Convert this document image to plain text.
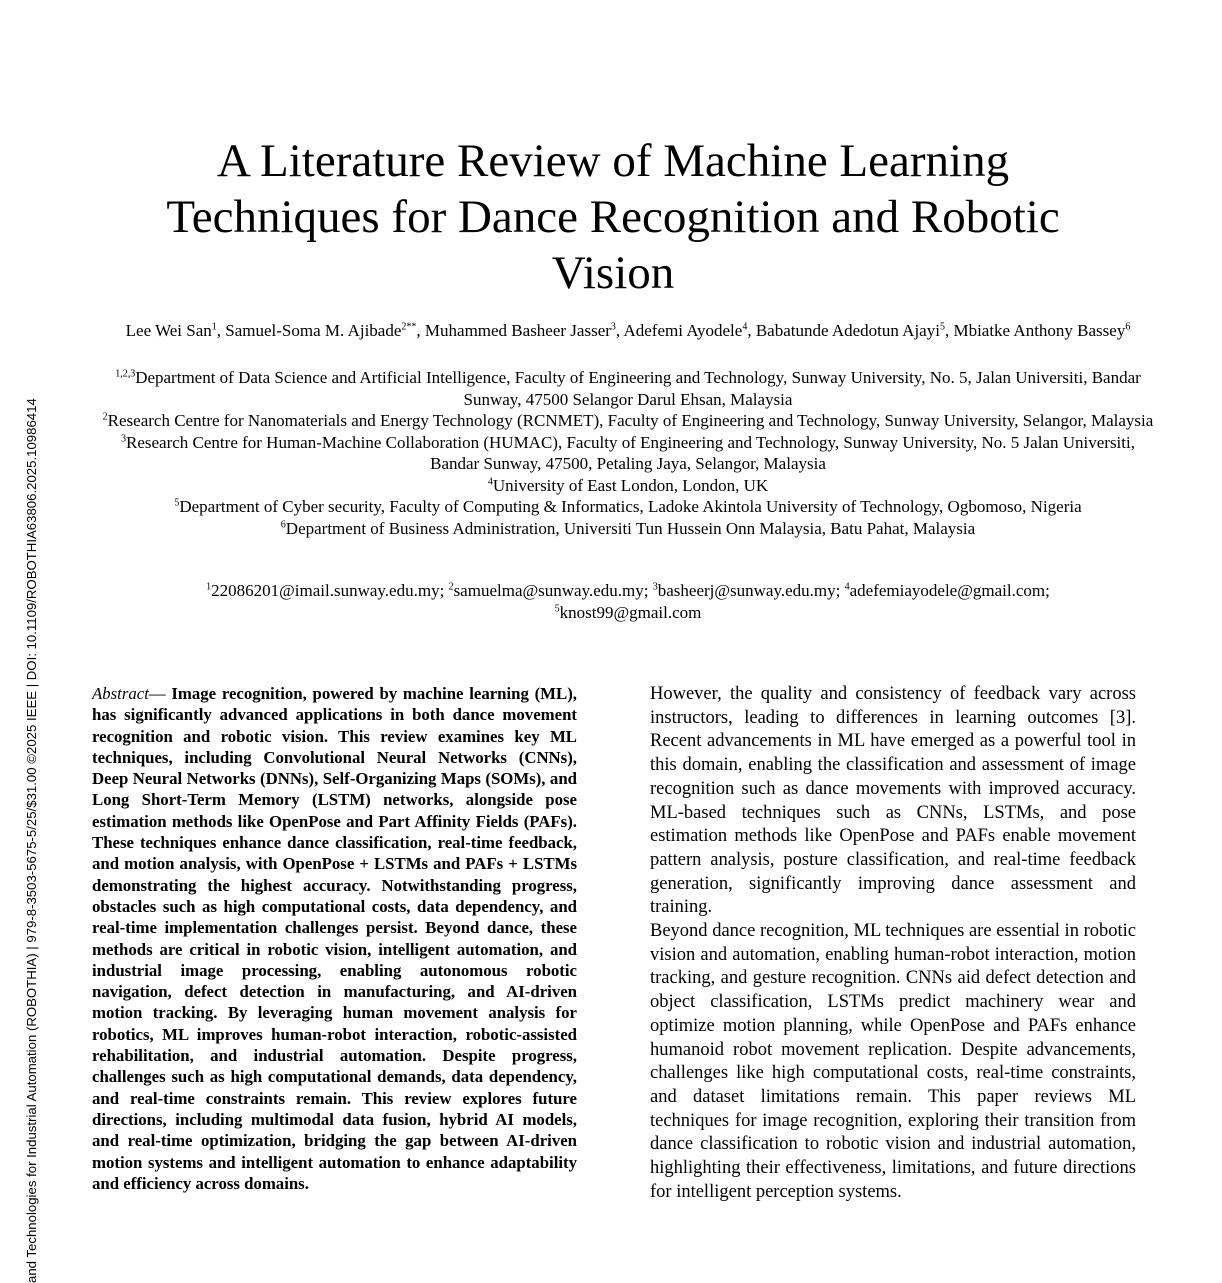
and Technologies for Industrial Automation (ROBOTHIA) | 979-8-3503-5675-5/25/$31.00 ©2025 IEEE | DOI: 10.1109/ROBOTHIA63806.2025.10986414
A Literature Review of Machine Learning Techniques for Dance Recognition and Robotic Vision
Lee Wei San$^1$, Samuel-Soma M. Ajibade$^{2**}$, Muhammed Basheer Jasser$^3$, Adefemi Ayodele$^4$, Babatunde Adedotun Ajayi$^5$, Mbiatke Anthony Bassey$^6$
$^{1,2,3}$Department of Data Science and Artificial Intelligence, Faculty of Engineering and Technology, Sunway University, No. 5, Jalan Universiti, Bandar Sunway, 47500 Selangor Darul Ehsan, Malaysia
$^2$Research Centre for Nanomaterials and Energy Technology (RCNMET), Faculty of Engineering and Technology, Sunway University, Selangor, Malaysia
$^3$Research Centre for Human-Machine Collaboration (HUMAC), Faculty of Engineering and Technology, Sunway University, No. 5 Jalan Universiti, Bandar Sunway, 47500, Petaling Jaya, Selangor, Malaysia
$^4$University of East London, London, UK
$^5$Department of Cyber security, Faculty of Computing & Informatics, Ladoke Akintola University of Technology, Ogbomoso, Nigeria
$^6$Department of Business Administration, Universiti Tun Hussein Onn Malaysia, Batu Pahat, Malaysia
$^1$22086201@imail.sunway.edu.my; $^2$samuelma@sunway.edu.my; $^3$basheerj@sunway.edu.my; $^4$adefemiayodele@gmail.com;
$^5$knost99@gmail.com
Abstract— Image recognition, powered by machine learning (ML), has significantly advanced applications in both dance movement recognition and robotic vision. This review examines key ML techniques, including Convolutional Neural Networks (CNNs), Deep Neural Networks (DNNs), Self-Organizing Maps (SOMs), and Long Short-Term Memory (LSTM) networks, alongside pose estimation methods like OpenPose and Part Affinity Fields (PAFs). These techniques enhance dance classification, real-time feedback, and motion analysis, with OpenPose + LSTMs and PAFs + LSTMs demonstrating the highest accuracy. Notwithstanding progress, obstacles such as high computational costs, data dependency, and real-time implementation challenges persist. Beyond dance, these methods are critical in robotic vision, intelligent automation, and industrial image processing, enabling autonomous robotic navigation, defect detection in manufacturing, and AI-driven motion tracking. By leveraging human movement analysis for robotics, ML improves human-robot interaction, robotic-assisted rehabilitation, and industrial automation. Despite progress, challenges such as high computational demands, data dependency, and real-time constraints remain. This review explores future directions, including multimodal data fusion, hybrid AI models, and real-time optimization, bridging the gap between AI-driven motion systems and intelligent automation to enhance adaptability and efficiency across domains.

However, the quality and consistency of feedback vary across instructors, leading to differences in learning outcomes [3]. Recent advancements in ML have emerged as a powerful tool in this domain, enabling the classification and assessment of image recognition such as dance movements with improved accuracy. ML-based techniques such as CNNs, LSTMs, and pose estimation methods like OpenPose and PAFs enable movement pattern analysis, posture classification, and real-time feedback generation, significantly improving dance assessment and training.

Beyond dance recognition, ML techniques are essential in robotic vision and automation, enabling human-robot interaction, motion tracking, and gesture recognition. CNNs aid defect detection and object classification, LSTMs predict machinery wear and optimize motion planning, while OpenPose and PAFs enhance humanoid robot movement replication. Despite advancements, challenges like high computational costs, real-time constraints, and dataset limitations remain. This paper reviews ML techniques for image recognition, exploring their transition from dance classification to robotic vision and industrial automation, highlighting their effectiveness, limitations, and future directions for intelligent perception systems.
